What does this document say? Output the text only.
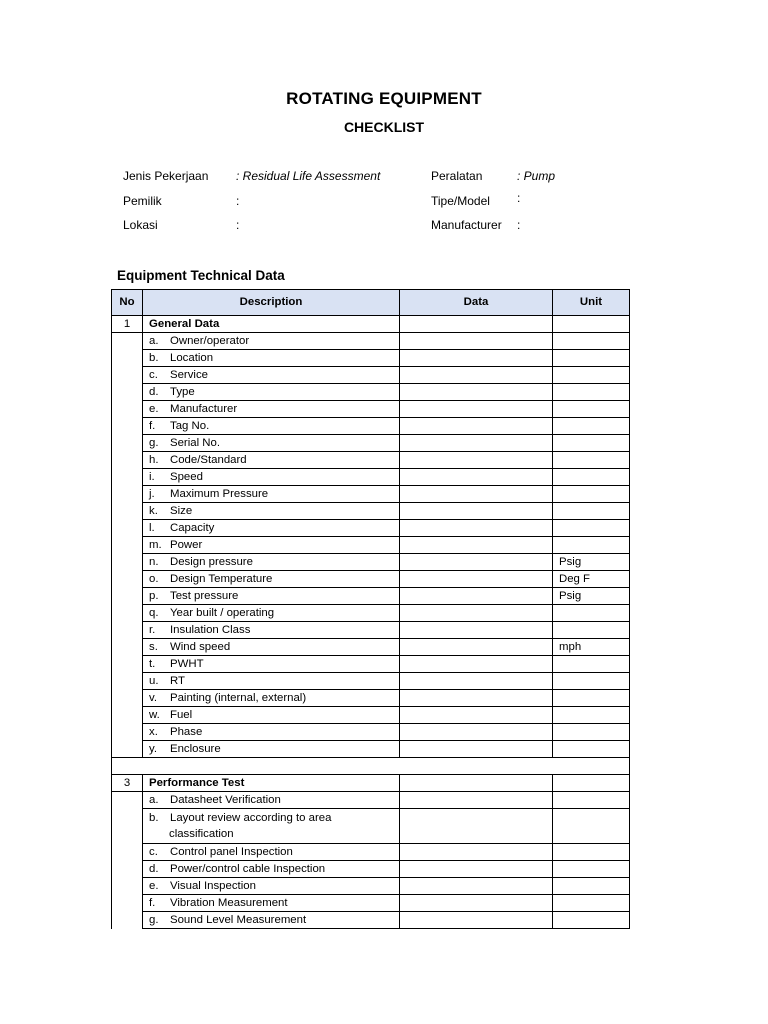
ROTATING EQUIPMENT
CHECKLIST
Jenis Pekerjaan : Residual Life Assessment
Pemilik	:
Lokasi	:
Peralatan	: Pump
Tipe/Model :
Manufacturer :
Equipment Technical Data
No	Description	Data	Unit
1	General Data		
	a. Owner/operator		
	b. Location		
	c. Service		
	d. Type		
	e. Manufacturer		
	f. Tag No.		
	g. Serial No.		
	h. Code/Standard		
	i. Speed		
	j. Maximum Pressure		
	k. Size		
	l. Capacity		
	m. Power		
	n. Design pressure		Psig
	o. Design Temperature		Deg F
	p. Test pressure		Psig
	q. Year built / operating		
	r. Insulation Class		
	s. Wind speed		mph
	t. PWHT		
	u. RT		
	v. Painting (internal, external)		
	w. Fuel		
	x. Phase		
	y. Enclosure		

3	Performance Test		
	a. Datasheet Verification		
	b. Layout review according to area
classification		
	c. Control panel Inspection		
	d. Power/control cable Inspection		
	e. Visual Inspection		
	f. Vibration Measurement		
	g. Sound Level Measurement		
